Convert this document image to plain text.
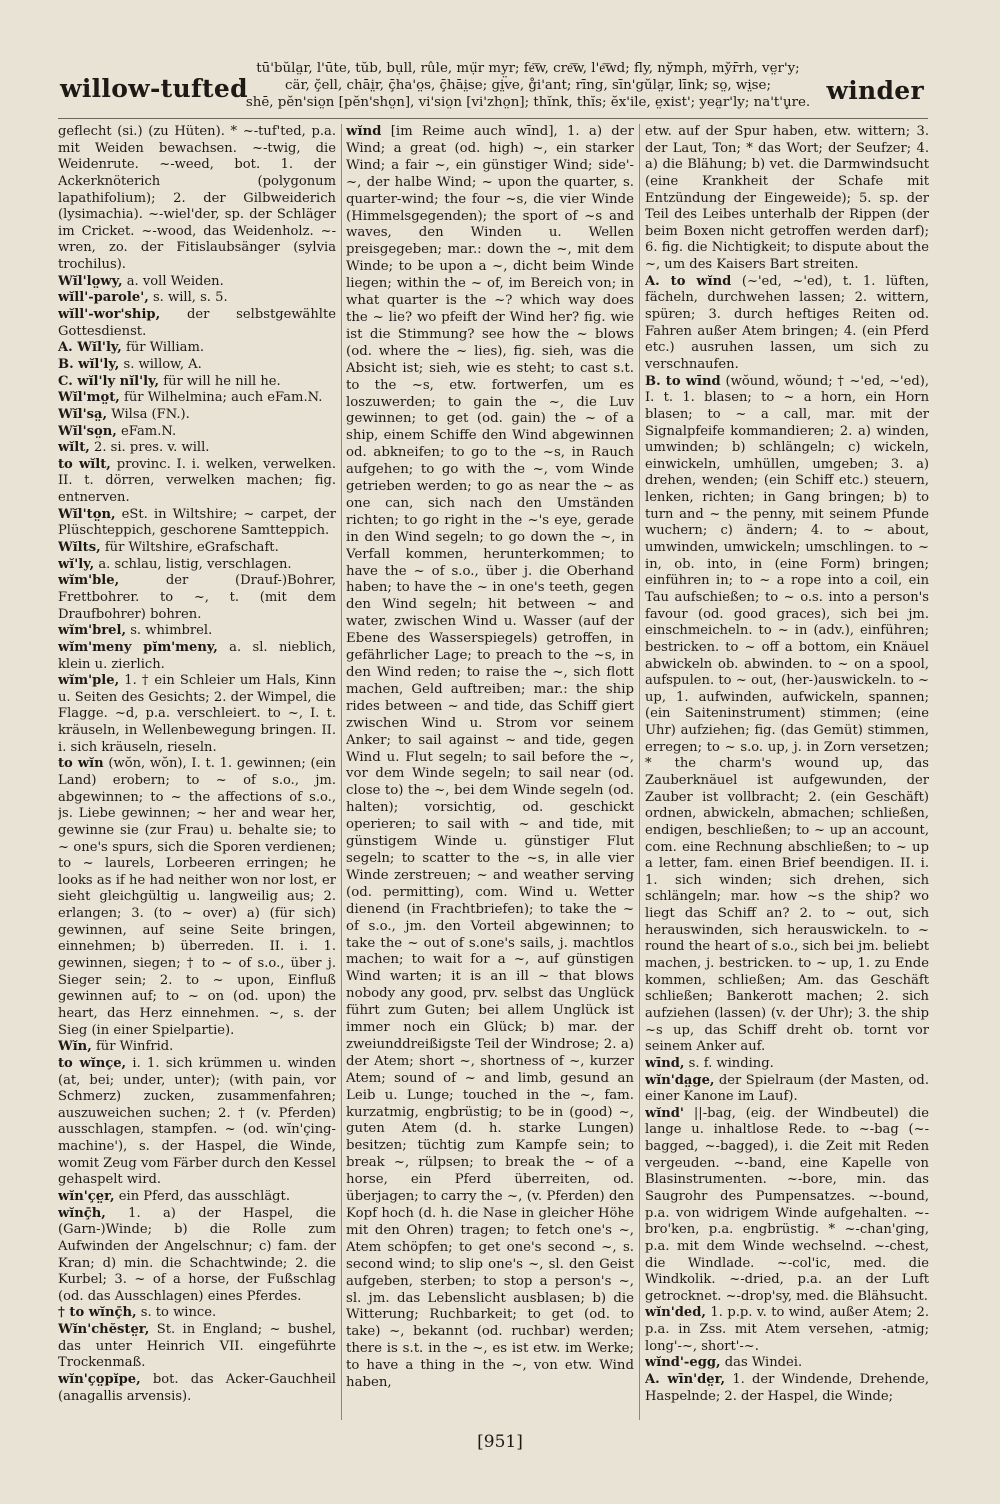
willow-tufted
tū'bŭla̤r, l'ūte, tŭb, bụll, rûle, mụ̈r my̤r; fe͞w, cre͞w, l'e͞wd; fl̄y, ny̆mph, my̆r̄rh, ve̤r'y;
cär, ç̆ell, chāi̤r, ç̄ha'o̤s, ç̄hāi̤se; gi̤ve, g̊i'ant; rīng, sīn'gŭla̤r, līnk; so̤, wi̤se;
shē, pĕn'sio̤n [pĕn'sho̤n], vi'sio̤n [vi'zho̤n]; thĭnk, thĭs; ĕx'ile, e̤xist'; yea̤r'ly; na't'u̥re. winder

geflecht (si.) (zu Hüten). * ~-tuf'ted, p.a. mit Weiden bewachsen. ~-twig, die Weidenrute. ~-weed, bot. 1. der Ackerknöterich (polygonum lapathifolium); 2. der Gilbweiderich (lysimachia). ~-wiel'der, sp. der Schläger im Cricket. ~-wood, das Weidenholz. ~-wren, zo. der Fitislaubsänger (sylvia trochilus).

Wĭl'lo̤wy, a. voll Weiden.

wĭll'-parole', s. will, s. 5.

wĭll'-wor'ship, der selbstgewählte Gottesdienst.

A. Wĭl'ly, für William.

B. wĭl'ly, s. willow, A.

C. wĭl'ly nĭl'ly, für will he nill he.

Wĭl'mo̤t, für Wilhelmina; auch eFam.N.

Wĭl'sa̤, Wilsa (FN.).

Wĭl'so̤n, eFam.N.

wĭlt, 2. si. pres. v. will.

to wĭlt, provinc. I. i. welken, verwelken. II. t. dörren, verwelken machen; fig. entnerven.

Wĭl'to̤n, eSt. in Wiltshire; ~ carpet, der Plüschteppich, geschorene Samtteppich.

Wĭlts, für Wiltshire, eGrafschaft.

wĭ'ly, a. schlau, listig, verschlagen.

wĭm'ble,	der (Drauf-)Bohrer, Frettbohrer. to ~, t. (mit dem Draufbohrer) bohren.

wĭm'brel, s. whimbrel.

wĭm'meny pĭm'meny, a. sl. nieblich, klein u. zierlich.

wĭm'ple, 1. † ein Schleier um Hals, Kinn u. Seiten des Gesichts; 2. der Wimpel, die Flagge. ~d, p.a. verschleiert. to ~, I. t. kräuseln, in Wellenbewegung bringen. II. i. sich kräuseln, rieseln.

to wĭn (wŏn, wŏn), I. t. 1. gewinnen; (ein Land) erobern; to ~ of s.o., jm. abgewinnen; to ~ the affections of s.o., js. Liebe gewinnen; ~ her and wear her, gewinne sie (zur Frau) u. behalte sie; to ~ one's spurs, sich die Sporen verdienen; to ~ laurels, Lorbeeren erringen; he looks as if he had neither won nor lost, er sieht gleichgültig u. langweilig aus; 2. erlangen; 3. (to ~ over) a) (für sich) gewinnen, auf seine Seite bringen, einnehmen; b) überreden. II. i. 1. gewinnen, siegen; † to ~ of s.o., über j. Sieger sein; 2. to ~ upon, Einfluß gewinnen auf; to ~ on (od. upon) the heart, das Herz einnehmen. ~, s. der Sieg (in einer Spielpartie).

Wĭn, für Winfrid.

to wĭnçe, i. 1. sich krümmen u. winden (at, bei; under, unter); (with pain, vor Schmerz) zucken, zusammenfahren; auszuweichen suchen; 2. † (v. Pferden) ausschlagen, stampfen. ~ (od. wĭn'çing-machine'), s. der Haspel, die Winde, womit Zeug vom Färber durch den Kessel gehaspelt wird.

wĭn'çe̤r, ein Pferd, das ausschlägt.

wĭnç̄h, 1. a) der Haspel, die (Garn-)Winde; b) die Rolle zum Aufwinden der Angelschnur; c) fam. der Kran; d) min. die Schachtwinde; 2. die Kurbel; 3. ~ of a horse, der Fußschlag (od. das Ausschlagen) eines Pferdes.

† to wĭnç̄h, s. to wince.

Wĭn'chĕste̤r, St. in England; ~ bushel, das unter Heinrich VII. eingeführte Trockenmaß.

wĭn'ço̤pĭpe, bot. das Acker-Gauchheil (anagallis arvensis).

wĭnd [im Reime auch wīnd], 1. a) der Wind; a great (od. high) ~, ein starker Wind; a fair ~, ein günstiger Wind; side'-~, der halbe Wind; ~ upon the quarter, s. quarter-wind; the four ~s, die vier Winde (Himmelsgegenden); the sport of ~s and waves, den Winden u. Wellen preisgegeben; mar.: down the ~, mit dem Winde; to be upon a ~, dicht beim Winde liegen; within the ~ of, im Bereich von; in what quarter is the ~? which way does the ~ lie? wo pfeift der Wind her? fig. wie ist die Stimmung? see how the ~ blows (od. where the ~ lies), fig. sieh, was die Absicht ist; sieh, wie es steht; to cast s.t. to the ~s, etw. fortwerfen, um es loszuwerden; to gain the ~, die Luv gewinnen; to get (od. gain) the ~ of a ship, einem Schiffe den Wind abgewinnen od. abkneifen; to go to the ~s, in Rauch aufgehen; to go with the ~, vom Winde getrieben werden; to go as near the ~ as one can, sich nach den Umständen richten; to go right in the ~'s eye, gerade in den Wind segeln; to go down the ~, in Verfall kommen, herunterkommen; to have the ~ of s.o., über j. die Oberhand haben; to have the ~ in one's teeth, gegen den Wind segeln; hit between ~ and water, zwischen Wind u. Wasser (auf der Ebene des Wasserspiegels) getroffen, in gefährlicher Lage; to preach to the ~s, in den Wind reden; to raise the ~, sich flott machen, Geld auftreiben; mar.: the ship rides between ~ and tide, das Schiff giert zwischen Wind u. Strom vor seinem Anker; to sail against ~ and tide, gegen Wind u. Flut segeln; to sail before the ~, vor dem Winde segeln; to sail near (od. close to) the ~, bei dem Winde segeln (od. halten); vorsichtig, od. geschickt operieren; to sail with ~ and tide, mit günstigem Winde u. günstiger Flut segeln; to scatter to the ~s, in alle vier Winde zerstreuen; ~ and weather serving (od. permitting), com. Wind u. Wetter dienend (in Frachtbriefen); to take the ~ of s.o., jm. den Vorteil abgewinnen; to take the ~ out of s.one's sails, j. machtlos machen; to wait for a ~, auf günstigen Wind warten; it is an ill ~ that blows nobody any good, prv. selbst das Unglück führt zum Guten; bei allem Unglück ist immer noch ein Glück; b) mar. der zweiunddreißigste Teil der Windrose; 2. a) der Atem; short ~, shortness of ~, kurzer Atem; sound of ~ and limb, gesund an Leib u. Lunge; touched in the ~, fam. kurzatmig, engbrüstig; to be in (good) ~, guten Atem (d. h. starke Lungen) besitzen; tüchtig zum Kampfe sein; to break ~, rülpsen; to break the ~ of a horse, ein Pferd überreiten, od. überjagen; to carry the ~, (v. Pferden) den Kopf hoch (d. h. die Nase in gleicher Höhe mit den Ohren) tragen; to fetch one's ~, Atem schöpfen; to get one's second ~, s. second wind; to slip one's ~, sl. den Geist aufgeben, sterben; to stop a person's ~, sl. jm. das Lebenslicht ausblasen; b) die Witterung; Ruchbarkeit; to get (od. to take) ~, bekannt (od. ruchbar) werden; there is s.t. in the ~, es ist etw. im Werke; to have a thing in the ~, von etw. Wind haben,

etw. auf der Spur haben, etw. wittern; 3. der Laut, Ton; * das Wort; der Seufzer; 4. a) die Blähung; b) vet. die Darmwindsucht (eine Krankheit der Schafe mit Entzündung der Eingeweide); 5. sp. der Teil des Leibes unterhalb der Rippen (der beim Boxen nicht getroffen werden darf); 6. fig. die Nichtigkeit; to dispute about the ~, um des Kaisers Bart streiten.

A. to wĭnd (~'ed, ~'ed), t. 1. lüften, fächeln, durchwehen lassen; 2. wittern, spüren; 3. durch heftiges Reiten od. Fahren außer Atem bringen; 4. (ein Pferd etc.) ausruhen lassen, um sich zu verschnaufen.

B. to wīnd (wŏund, wŏund; † ~'ed, ~'ed), I. t. 1. blasen; to ~ a horn, ein Horn blasen; to ~ a call, mar. mit der Signalpfeife kommandieren; 2. a) winden, umwinden; b) schlängeln; c) wickeln, einwickeln, umhüllen, umgeben; 3. a) drehen, wenden; (ein Schiff etc.) steuern, lenken, richten; in Gang bringen; b) to turn and ~ the penny, mit seinem Pfunde wuchern; c) ändern; 4. to ~ about, umwinden, umwickeln; umschlingen. to ~ in, ob. into, in (eine Form) bringen; einführen in; to ~ a rope into a coil, ein Tau aufschießen; to ~ o.s. into a person's favour (od. good graces), sich bei jm. einschmeicheln. to ~ in (adv.), einführen; bestricken. to ~ off a bottom, ein Knäuel abwickeln ob. abwinden. to ~ on a spool, aufspulen. to ~ out, (her-)auswickeln. to ~ up, 1. aufwinden, aufwickeln, spannen; (ein Saiteninstrument) stimmen; (eine Uhr) aufziehen; fig. (das Gemüt) stimmen, erregen; to ~ s.o. up, j. in Zorn versetzen; * the charm's wound up, das Zauberknäuel ist aufgewunden, der Zauber ist vollbracht; 2. (ein Geschäft) ordnen, abwickeln, abmachen; schließen, endigen, beschließen; to ~ up an account, com. eine Rechnung abschließen; to ~ up a letter, fam. einen Brief beendigen. II. i. 1. sich winden; sich drehen, sich schlängeln; mar. how ~s the ship? wo liegt das Schiff an? 2. to ~ out, sich herauswinden, sich herauswickeln. to ~ round the heart of s.o., sich bei jm. beliebt machen, j. bestricken. to ~ up, 1. zu Ende kommen, schließen; Am. das Geschäft schließen; Bankerott machen; 2. sich aufziehen (lassen) (v. der Uhr); 3. the ship ~s up, das Schiff dreht ob. tornt vor seinem Anker auf.

wīnd, s. f. winding.

wĭn'da̤ge, der Spielraum (der Masten, od. einer Kanone im Lauf).

wĭnd' ||-bag, (eig. der Windbeutel) die lange u. inhaltlose Rede. to ~-bag (~-bagged, ~-bagged), i. die Zeit mit Reden vergeuden. ~-band, eine Kapelle von Blasinstrumenten. ~-bore, min. das Saugrohr des Pumpensatzes. ~-bound, p.a. von widrigem Winde aufgehalten. ~-bro'ken, p.a. engbrüstig. * ~-chan'ging, p.a. mit dem Winde wechselnd. ~-chest, die Windlade. ~-col'ic, med. die Windkolik. ~-dried, p.a. an der Luft getrocknet. ~-drop'sy, med. die Blähsucht.

wĭn'ded, 1. p.p. v. to wind, außer Atem; 2. p.a. in Zss. mit Atem versehen, -atmig; long'-~, short'-~.

wĭnd'-egg, das Windei.

A. wīn'de̤r, 1. der Windende, Drehende, Haspelnde; 2. der Haspel, die Winde;

[951]
